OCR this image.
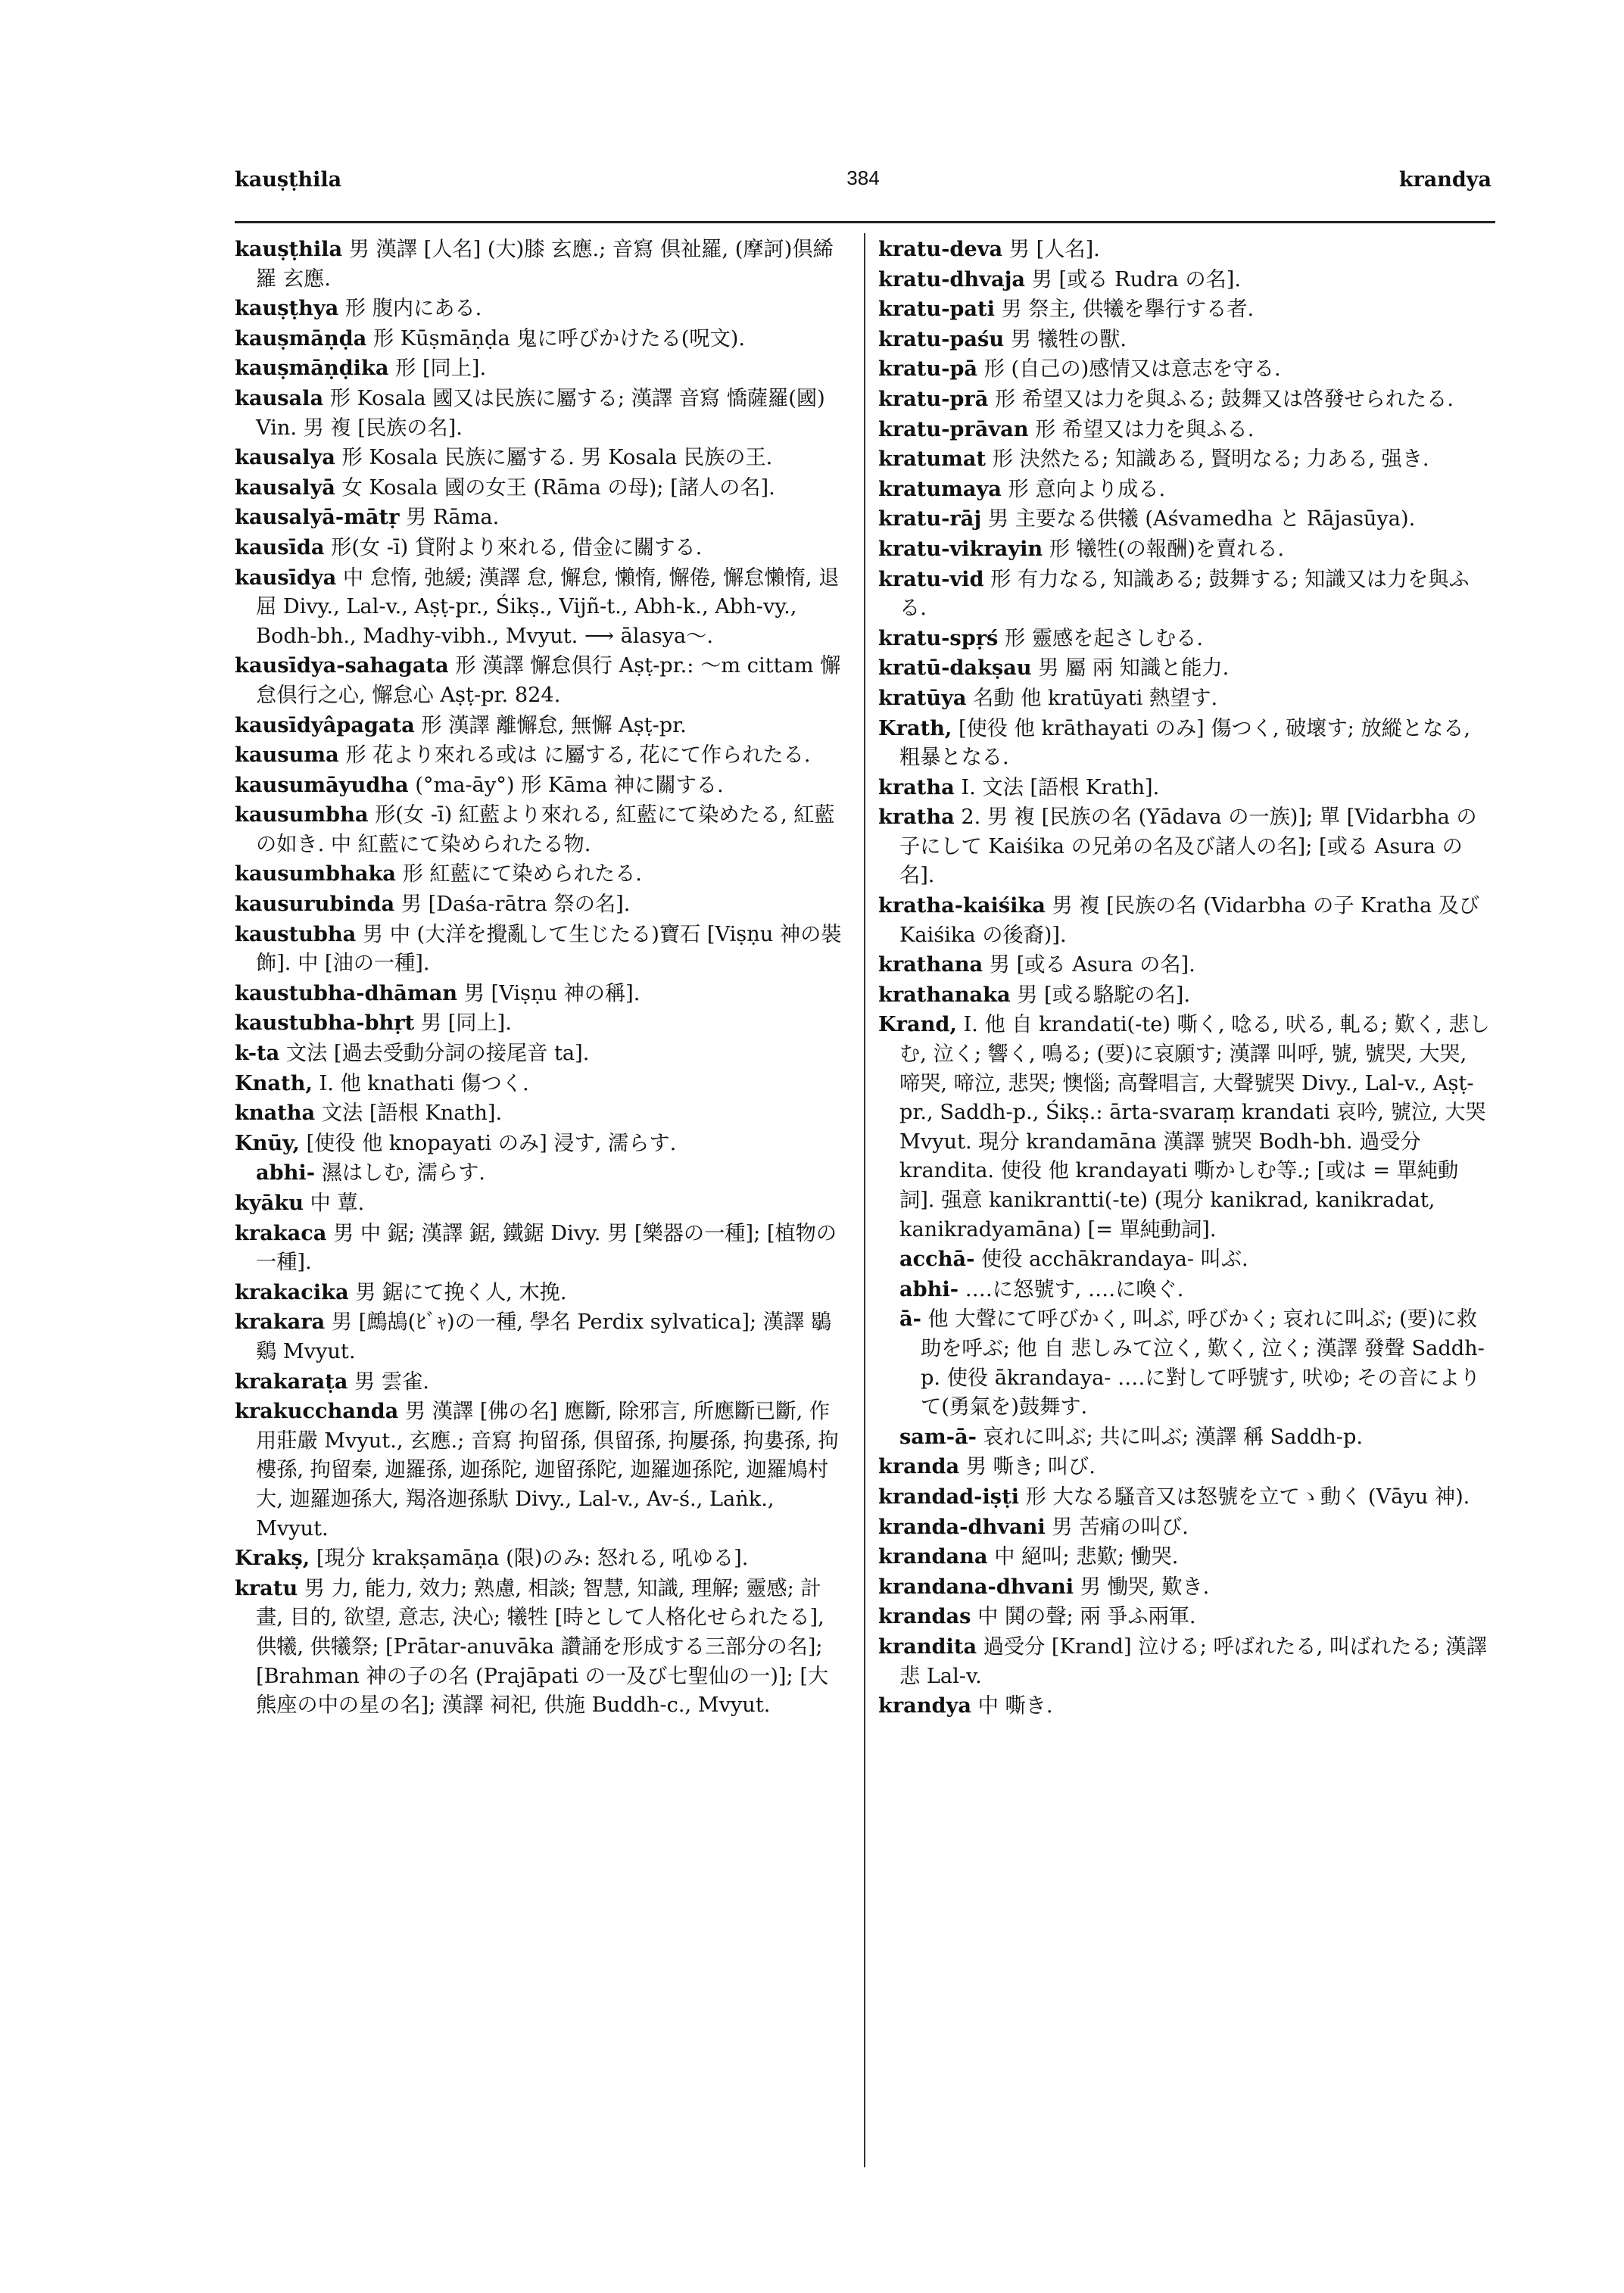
kauṣṭhila	384	krandya

kauṣṭhila 男 漢譯 [人名] (大)膝 玄應.; 音寫 倶祉羅, (摩訶)倶絺羅 玄應.

kauṣṭhya 形 腹内にある.

kauṣmāṇḍa 形 Kūṣmāṇḍa 鬼に呼びかけたる(呪文).

kauṣmāṇḍika 形 [同上].

kausala 形 Kosala 國又は民族に屬する; 漢譯 音寫 憍薩羅(國) Vin. 男 複 [民族の名].

kausalya 形 Kosala 民族に屬する. 男 Kosala 民族の王.

kausalyā 女 Kosala 國の女王 (Rāma の母); [諸人の名].

kausalyā-mātṛ 男 Rāma.

kausīda 形(女 -ī) 貸附より來れる, 借金に關する.

kausīdya 中 怠惰, 弛緩; 漢譯 怠, 懈怠, 懶惰, 懈倦, 懈怠懶惰, 退屈 Divy., Lal-v., Aṣṭ-pr., Śikṣ., Vijñ-t., Abh-k., Abh-vy., Bodh-bh., Madhy-vibh., Mvyut. ⟶ ālasya〜.

kausīdya-sahagata 形 漢譯 懈怠倶行 Aṣṭ-pr.: 〜m cittam 懈怠倶行之心, 懈怠心 Aṣṭ-pr. 824.

kausīdyâpagata 形 漢譯 離懈怠, 無懈 Aṣṭ-pr.

kausuma 形 花より來れる或は に屬する, 花にて作られたる.

kausumāyudha (°ma-āy°) 形 Kāma 神に關する.

kausumbha 形(女 -ī) 紅藍より來れる, 紅藍にて染めたる, 紅藍の如き. 中 紅藍にて染められたる物.

kausumbhaka 形 紅藍にて染められたる.

kausurubinda 男 [Daśa-rātra 祭の名].

kaustubha 男 中 (大洋を攪亂して生じたる)寶石 [Viṣṇu 神の裝飾]. 中 [油の一種].

kaustubha-dhāman 男 [Viṣṇu 神の稱].

kaustubha-bhṛt 男 [同上].

k-ta 文法 [過去受動分詞の接尾音 ta].

Knath, I. 他 knathati 傷つく.

knatha 文法 [語根 Knath].

Knūy, [使役 他 knopayati のみ] 浸す, 濡らす.

abhi- 濕はしむ, 濡らす.

kyāku 中 蕈.

krakaca 男 中 鋸; 漢譯 鋸, 鐵鋸 Divy. 男 [樂器の一種]; [植物の一種].

krakacika 男 鋸にて挽く人, 木挽.

krakara 男 [鷓鴣(ﾋﾞｬ)の一種, 學名 Perdix sylvatica]; 漢譯 鶡鷄 Mvyut.

krakaraṭa 男 雲雀.

krakucchanda 男 漢譯 [佛の名] 應斷, 除邪言, 所應斷已斷, 作用莊嚴 Mvyut., 玄應.; 音寫 拘留孫, 倶留孫, 拘屢孫, 拘婁孫, 拘樓孫, 拘留秦, 迦羅孫, 迦孫陀, 迦留孫陀, 迦羅迦孫陀, 迦羅鳩村大, 迦羅迦孫大, 羯洛迦孫馱 Divy., Lal-v., Av-ś., Laṅk., Mvyut.

Krakṣ, [現分 krakṣamāṇa (限)のみ: 怒れる, 吼ゆる].

kratu 男 力, 能力, 效力; 熟慮, 相談; 智慧, 知識, 理解; 靈感; 計畫, 目的, 欲望, 意志, 決心; 犧牲 [時として人格化せられたる], 供犧, 供犧祭; [Prātar-anuvāka 讚誦を形成する三部分の名]; [Brahman 神の子の名 (Prajāpati の一及び七聖仙の一)]; [大熊座の中の星の名]; 漢譯 祠祀, 供施 Buddh-c., Mvyut.

kratu-deva 男 [人名].

kratu-dhvaja 男 [或る Rudra の名].

kratu-pati 男 祭主, 供犧を擧行する者.

kratu-paśu 男 犧牲の獸.

kratu-pā 形 (自己の)感情又は意志を守る.

kratu-prā 形 希望又は力を與ふる; 鼓舞又は啓發せられたる.

kratu-prāvan 形 希望又は力を與ふる.

kratumat 形 決然たる; 知識ある, 賢明なる; 力ある, 强き.

kratumaya 形 意向より成る.

kratu-rāj 男 主要なる供犧 (Aśvamedha と Rājasūya).

kratu-vikrayin 形 犧牲(の報酬)を賣れる.

kratu-vid 形 有力なる, 知識ある; 鼓舞する; 知識又は力を與ふる.

kratu-spṛś 形 靈感を起さしむる.

kratū-dakṣau 男 屬 兩 知識と能力.

kratūya 名動 他 kratūyati 熱望す.

Krath, [使役 他 krāthayati のみ] 傷つく, 破壞す; 放縱となる, 粗暴となる.

kratha I. 文法 [語根 Krath].

kratha 2. 男 複 [民族の名 (Yādava の一族)]; 單 [Vidarbha の子にして Kaiśika の兄弟の名及び諸人の名]; [或る Asura の名].

kratha-kaiśika 男 複 [民族の名 (Vidarbha の子 Kratha 及び Kaiśika の後裔)].

krathana 男 [或る Asura の名].

krathanaka 男 [或る駱駝の名].

Krand, I. 他 自 krandati(-te) 嘶く, 唸る, 吠る, 軋る; 歎く, 悲しむ, 泣く; 響く, 鳴る; (要)に哀願す; 漢譯 叫呼, 號, 號哭, 大哭, 啼哭, 啼泣, 悲哭; 懊惱; 高聲唱言, 大聲號哭 Divy., Lal-v., Aṣṭ-pr., Saddh-p., Śikṣ.: ārta-svaraṃ krandati 哀吟, 號泣, 大哭 Mvyut. 現分 krandamāna 漢譯 號哭 Bodh-bh. 過受分 krandita. 使役 他 krandayati 嘶かしむ等.; [或は = 單純動詞]. 强意 kanikrantti(-te) (現分 kanikrad, kanikradat, kanikradyamāna) [= 單純動詞].

acchā- 使役 acchākrandaya- 叫ぶ.

abhi- ‥‥に怒號す, ‥‥に喚ぐ.

ā- 他 大聲にて呼びかく, 叫ぶ, 呼びかく; 哀れに叫ぶ; (要)に救助を呼ぶ; 他 自 悲しみて泣く, 歎く, 泣く; 漢譯 發聲 Saddh-p. 使役 ākrandaya- ‥‥に對して呼號す, 吠ゆ; その音によりて(勇氣を)鼓舞す.

sam-ā- 哀れに叫ぶ; 共に叫ぶ; 漢譯 稱 Saddh-p.

kranda 男 嘶き; 叫び.

krandad-iṣṭi 形 大なる騷音又は怒號を立てゝ動く (Vāyu 神).

kranda-dhvani 男 苦痛の叫び.

krandana 中 絕叫; 悲歎; 慟哭.

krandana-dhvani 男 慟哭, 歎き.

krandas 中 鬨の聲; 兩 爭ふ兩軍.

krandita 過受分 [Krand] 泣ける; 呼ばれたる, 叫ばれたる; 漢譯 悲 Lal-v.

krandya 中 嘶き.
